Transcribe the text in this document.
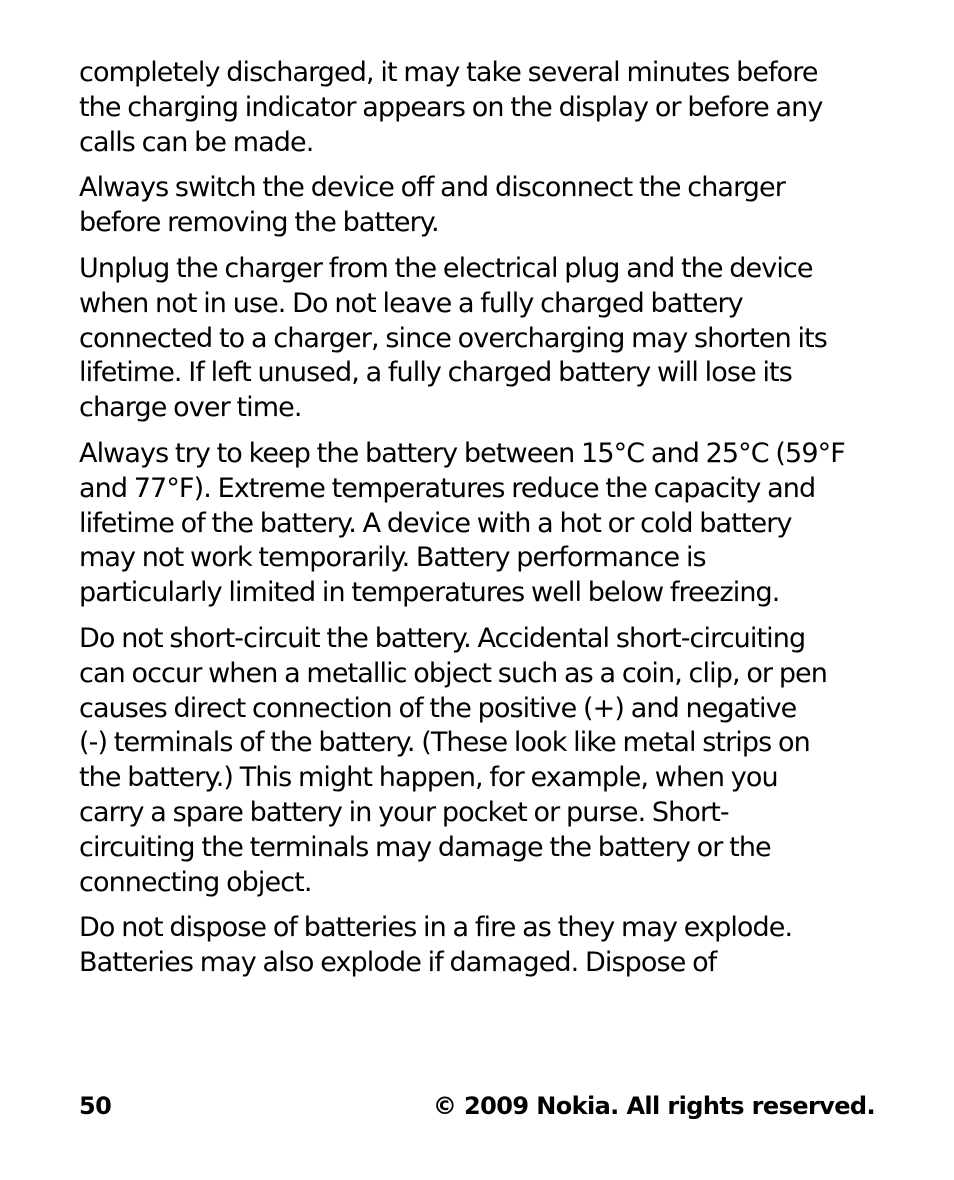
completely discharged, it may take several minutes before
the charging indicator appears on the display or before any
calls can be made.

Always switch the device off and disconnect the charger
before removing the battery.

Unplug the charger from the electrical plug and the device
when not in use. Do not leave a fully charged battery
connected to a charger, since overcharging may shorten its
lifetime. If left unused, a fully charged battery will lose its
charge over time.

Always try to keep the battery between 15°C and 25°C (59°F
and 77°F). Extreme temperatures reduce the capacity and
lifetime of the battery. A device with a hot or cold battery
may not work temporarily. Battery performance is
particularly limited in temperatures well below freezing.

Do not short-circuit the battery. Accidental short-circuiting
can occur when a metallic object such as a coin, clip, or pen
causes direct connection of the positive (+) and negative
(-) terminals of the battery. (These look like metal strips on
the battery.) This might happen, for example, when you
carry a spare battery in your pocket or purse. Short-
circuiting the terminals may damage the battery or the
connecting object.

Do not dispose of batteries in a fire as they may explode.
Batteries may also explode if damaged. Dispose of

50	© 2009 Nokia. All rights reserved.
